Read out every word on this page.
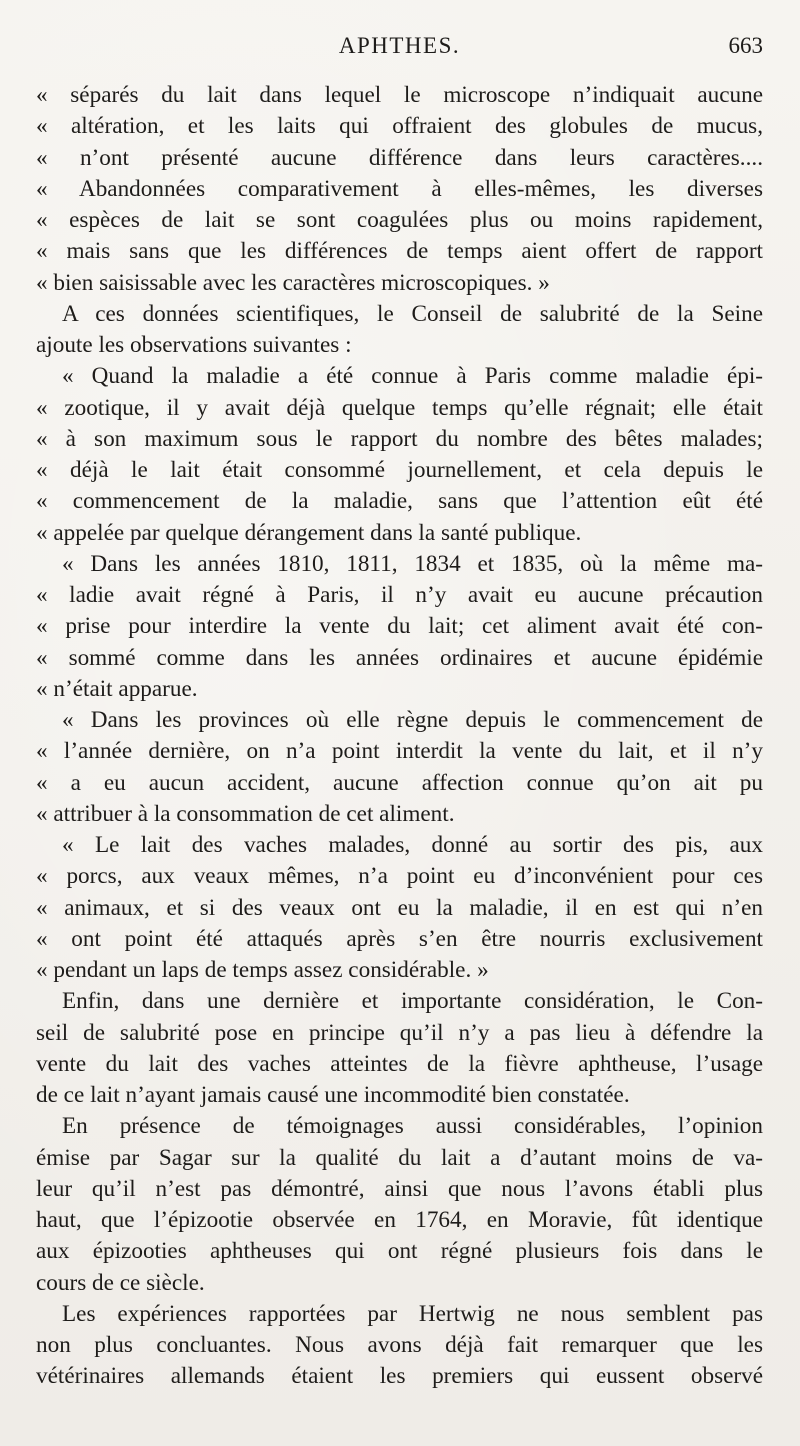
APHTHES.	663
« séparés du lait dans lequel le microscope n’indiquait aucune
« altération, et les laits qui offraient des globules de mucus,
« n’ont présenté aucune différence dans leurs caractères....
« Abandonnées comparativement à elles-mêmes, les diverses
« espèces de lait se sont coagulées plus ou moins rapidement,
« mais sans que les différences de temps aient offert de rapport
« bien saisissable avec les caractères microscopiques. »
A ces données scientifiques, le Conseil de salubrité de la Seine
ajoute les observations suivantes :
« Quand la maladie a été connue à Paris comme maladie épi-
« zootique, il y avait déjà quelque temps qu’elle régnait; elle était
« à son maximum sous le rapport du nombre des bêtes malades;
« déjà le lait était consommé journellement, et cela depuis le
« commencement de la maladie, sans que l’attention eût été
« appelée par quelque dérangement dans la santé publique.
« Dans les années 1810, 1811, 1834 et 1835, où la même ma-
« ladie avait régné à Paris, il n’y avait eu aucune précaution
« prise pour interdire la vente du lait; cet aliment avait été con-
« sommé comme dans les années ordinaires et aucune épidémie
« n’était apparue.
« Dans les provinces où elle règne depuis le commencement de
« l’année dernière, on n’a point interdit la vente du lait, et il n’y
« a eu aucun accident, aucune affection connue qu’on ait pu
« attribuer à la consommation de cet aliment.
« Le lait des vaches malades, donné au sortir des pis, aux
« porcs, aux veaux mêmes, n’a point eu d’inconvénient pour ces
« animaux, et si des veaux ont eu la maladie, il en est qui n’en
« ont point été attaqués après s’en être nourris exclusivement
« pendant un laps de temps assez considérable. »
Enfin, dans une dernière et importante considération, le Con-
seil de salubrité pose en principe qu’il n’y a pas lieu à défendre la
vente du lait des vaches atteintes de la fièvre aphtheuse, l’usage
de ce lait n’ayant jamais causé une incommodité bien constatée.
En présence de témoignages aussi considérables, l’opinion
émise par Sagar sur la qualité du lait a d’autant moins de va-
leur qu’il n’est pas démontré, ainsi que nous l’avons établi plus
haut, que l’épizootie observée en 1764, en Moravie, fût identique
aux épizooties aphtheuses qui ont régné plusieurs fois dans le
cours de ce siècle.
Les expériences rapportées par Hertwig ne nous semblent pas
non plus concluantes. Nous avons déjà fait remarquer que les
vétérinaires allemands étaient les premiers qui eussent observé
